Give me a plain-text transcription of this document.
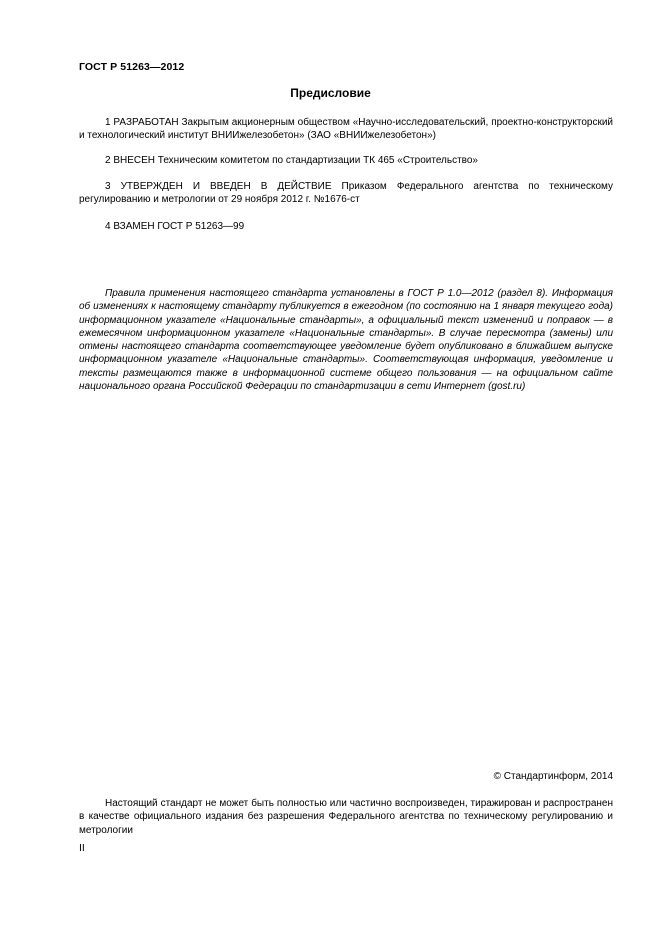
ГОСТ Р 51263—2012
Предисловие

1 РАЗРАБОТАН Закрытым акционерным обществом «Научно-исследовательский, проектно-конструкторский и технологический институт ВНИИжелезобетон» (ЗАО «ВНИИжелезобетон»)

2 ВНЕСЕН Техническим комитетом по стандартизации ТК 465 «Строительство»

3 УТВЕРЖДЕН И ВВЕДЕН В ДЕЙСТВИЕ Приказом Федерального агентства по техническому регулированию и метрологии от 29 ноября 2012 г. №1676-ст

4 ВЗАМЕН ГОСТ Р 51263—99

Правила применения настоящего стандарта установлены в ГОСТ Р 1.0—2012 (раздел 8). Информация об изменениях к настоящему стандарту публикуется в ежегодном (по состоянию на 1 января текущего года) информационном указателе «Национальные стандарты», а официальный текст изменений и поправок — в ежемесячном информационном указателе «Национальные стандарты». В случае пересмотра (замены) или отмены настоящего стандарта соответствующее уведомление будет опубликовано в ближайшем выпуске информационном указателе «Национальные стандарты». Соответствующая информация, уведомление и тексты размещаются также в информационной системе общего пользования — на официальном сайте национального органа Российской Федерации по стандартизации в сети Интернет (gost.ru)

© Стандартинформ, 2014

Настоящий стандарт не может быть полностью или частично воспроизведен, тиражирован и распространен в качестве официального издания без разрешения Федерального агентства по техническому регулированию и метрологии

II
